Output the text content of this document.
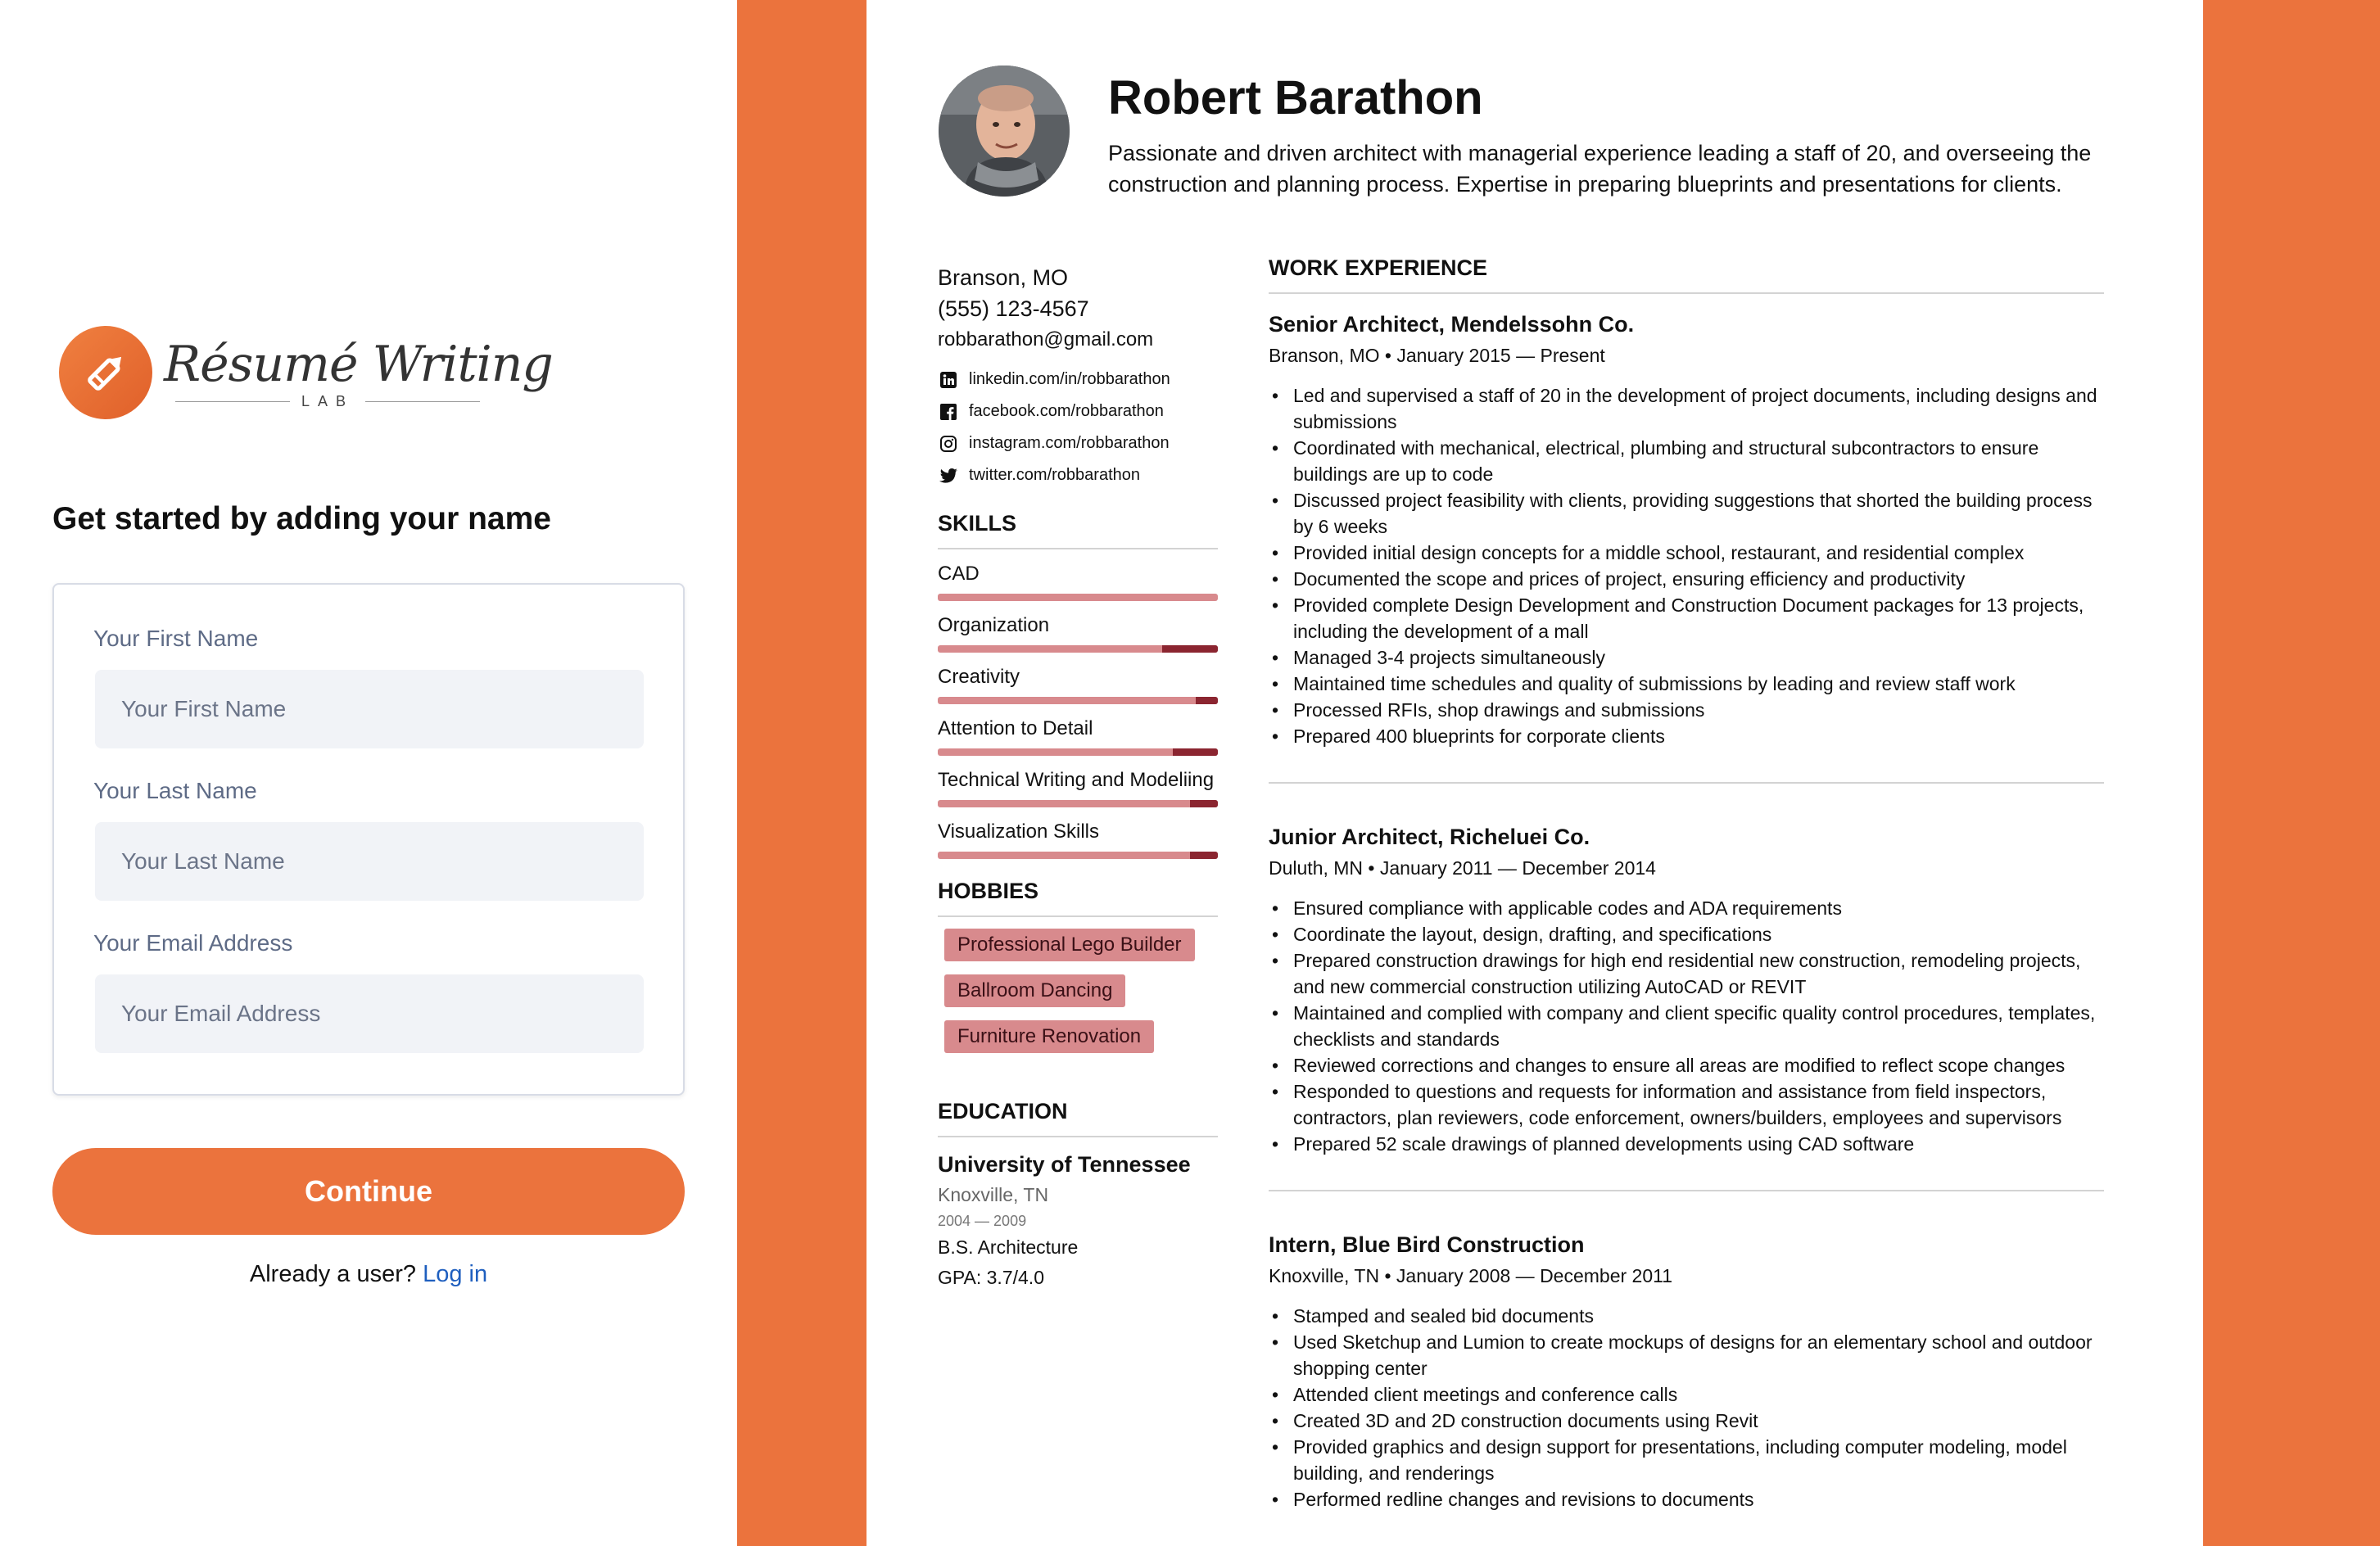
Résumé Writing
LAB
Get started by adding your name
Your First Name
Your First Name
Your Last Name
Your Last Name
Your Email Address
Your Email Address
Continue
Already a user? Log in
Robert Barathon
Passionate and driven architect with managerial experience leading a staff of 20, and overseeing the construction and planning process. Expertise in preparing blueprints and presentations for clients.
Branson, MO
(555) 123-4567
robbarathon@gmail.com
linkedin.com/in/robbarathon
facebook.com/robbarathon
instagram.com/robbarathon
twitter.com/robbarathon
SKILLS
CAD
Organization
Creativity
Attention to Detail
Technical Writing and Modeliing
Visualization Skills
HOBBIES
Professional Lego Builder
Ballroom Dancing
Furniture Renovation
EDUCATION
University of Tennessee
Knoxville, TN
2004 — 2009
B.S. Architecture
GPA: 3.7/4.0
WORK EXPERIENCE
Senior Architect, Mendelssohn Co.
Branson, MO • January 2015 — Present
• Led and supervised a staff of 20 in the development of project documents, including designs and submissions
• Coordinated with mechanical, electrical, plumbing and structural subcontractors to ensure buildings are up to code
• Discussed project feasibility with clients, providing suggestions that shorted the building process by 6 weeks
• Provided initial design concepts for a middle school, restaurant, and residential complex
• Documented the scope and prices of project, ensuring efficiency and productivity
• Provided complete Design Development and Construction Document packages for 13 projects, including the development of a mall
• Managed 3-4 projects simultaneously
• Maintained time schedules and quality of submissions by leading and review staff work
• Processed RFIs, shop drawings and submissions
• Prepared 400 blueprints for corporate clients
Junior Architect, Richeluei Co.
Duluth, MN • January 2011 — December 2014
• Ensured compliance with applicable codes and ADA requirements
• Coordinate the layout, design, drafting, and specifications
• Prepared construction drawings for high end residential new construction, remodeling projects, and new commercial construction utilizing AutoCAD or REVIT
• Maintained and complied with company and client specific quality control procedures, templates, checklists and standards
• Reviewed corrections and changes to ensure all areas are modified to reflect scope changes
• Responded to questions and requests for information and assistance from field inspectors, contractors, plan reviewers, code enforcement, owners/builders, employees and supervisors
• Prepared 52 scale drawings of planned developments using CAD software
Intern, Blue Bird Construction
Knoxville, TN • January 2008 — December 2011
• Stamped and sealed bid documents
• Used Sketchup and Lumion to create mockups of designs for an elementary school and outdoor shopping center
• Attended client meetings and conference calls
• Created 3D and 2D construction documents using Revit
• Provided graphics and design support for presentations, including computer modeling, model building, and renderings
• Performed redline changes and revisions to documents
